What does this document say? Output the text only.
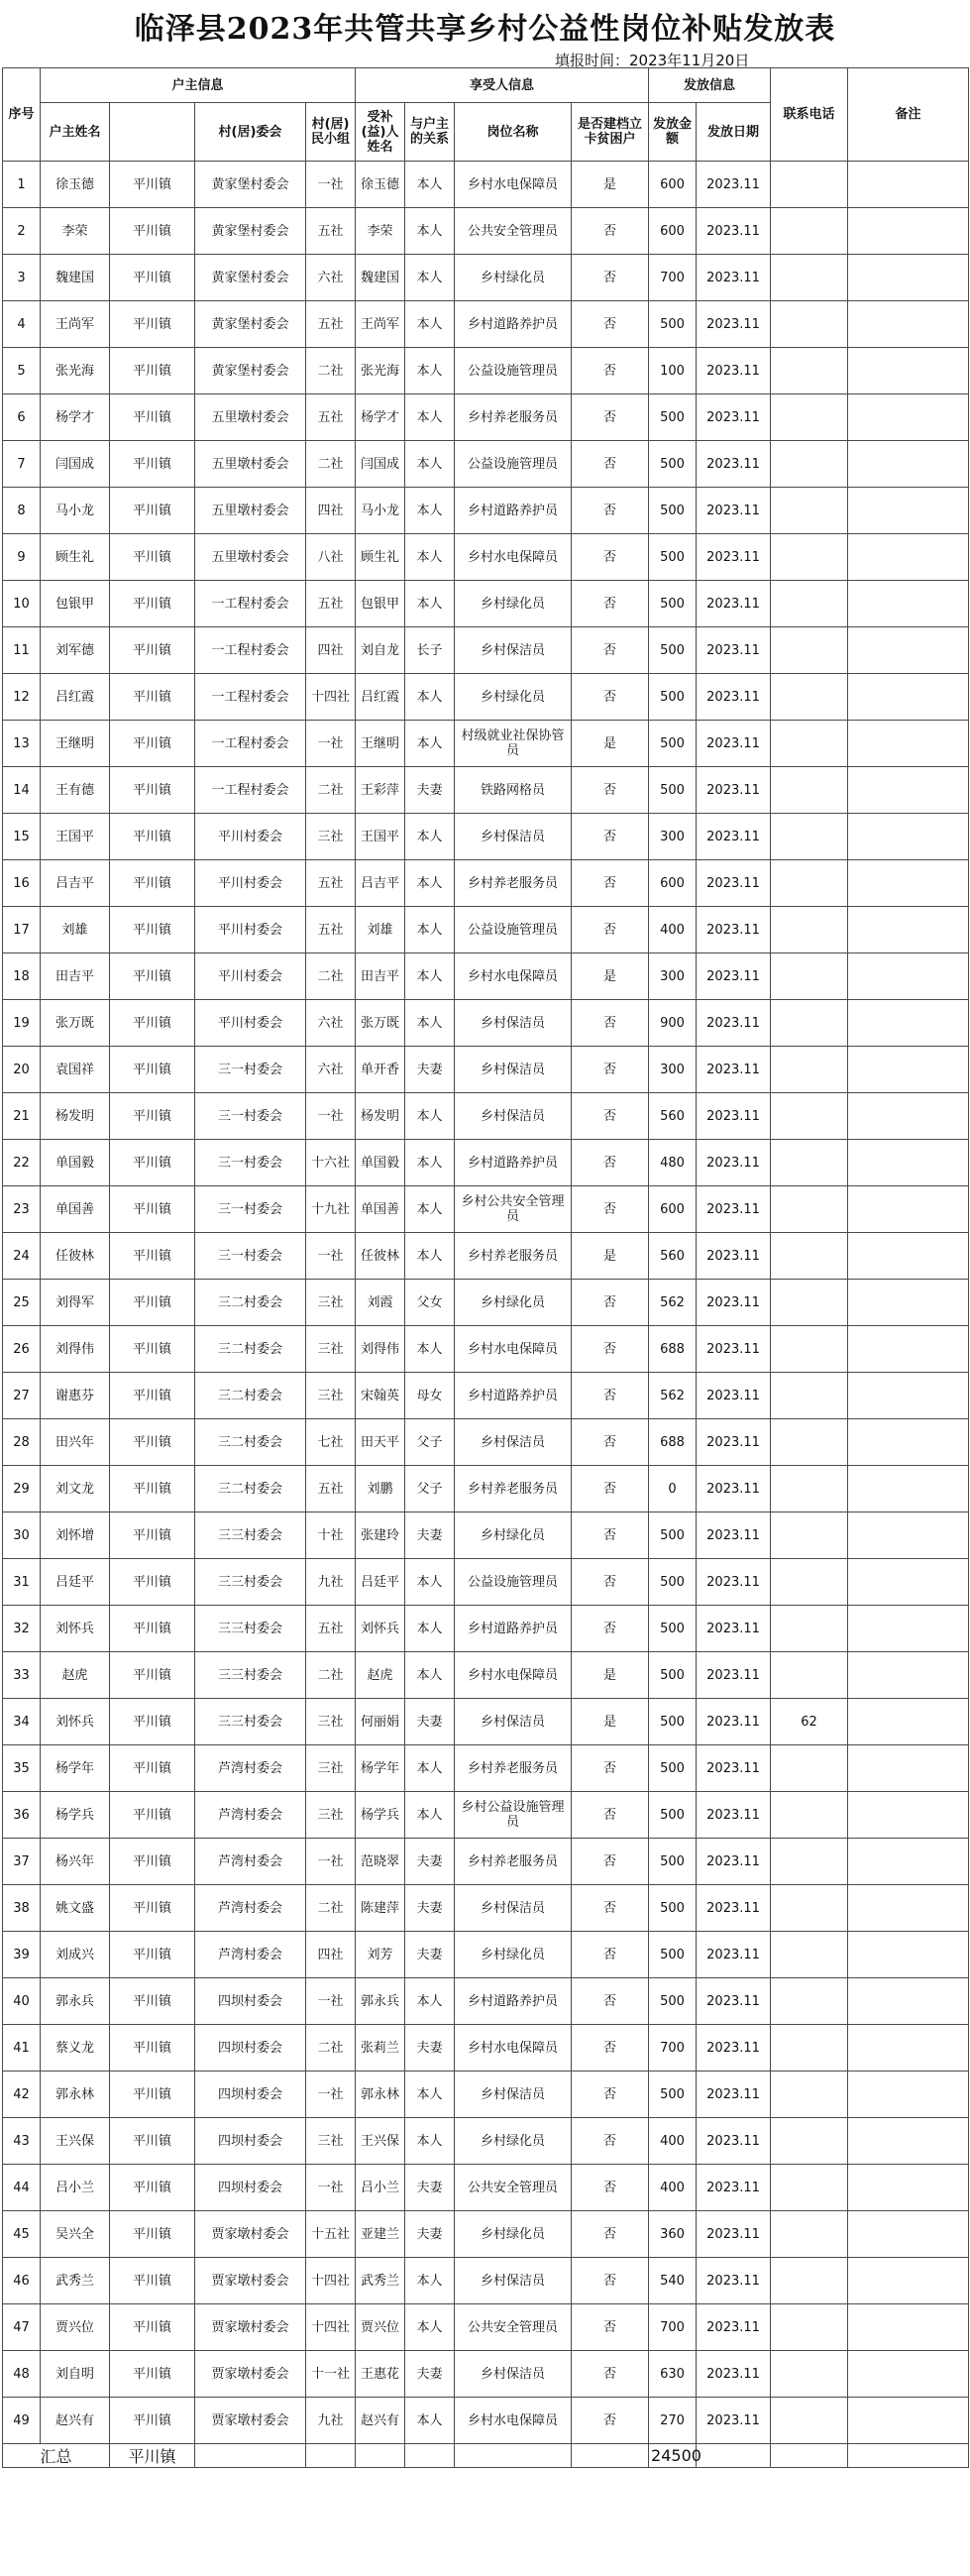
临泽县2023年共管共享乡村公益性岗位补贴发放表
填报时间：2023年11月20日
序号	户主信息				享受人信息				发放信息		联系电话	备注
	户主姓名		村(居)委会	村(居)民小组	受补(益)人姓名	与户主的关系	岗位名称	是否建档立卡贫困户	发放金额	发放日期		
1	徐玉德	平川镇	黄家堡村委会	一社	徐玉德	本人	乡村水电保障员	是	600	2023.11		
2	李荣	平川镇	黄家堡村委会	五社	李荣	本人	公共安全管理员	否	600	2023.11		
3	魏建国	平川镇	黄家堡村委会	六社	魏建国	本人	乡村绿化员	否	700	2023.11		
4	王尚军	平川镇	黄家堡村委会	五社	王尚军	本人	乡村道路养护员	否	500	2023.11		
5	张光海	平川镇	黄家堡村委会	二社	张光海	本人	公益设施管理员	否	100	2023.11		
6	杨学才	平川镇	五里墩村委会	五社	杨学才	本人	乡村养老服务员	否	500	2023.11		
7	闫国成	平川镇	五里墩村委会	二社	闫国成	本人	公益设施管理员	否	500	2023.11		
8	马小龙	平川镇	五里墩村委会	四社	马小龙	本人	乡村道路养护员	否	500	2023.11		
9	顾生礼	平川镇	五里墩村委会	八社	顾生礼	本人	乡村水电保障员	否	500	2023.11		
10	包银甲	平川镇	一工程村委会	五社	包银甲	本人	乡村绿化员	否	500	2023.11		
11	刘军德	平川镇	一工程村委会	四社	刘自龙	长子	乡村保洁员	否	500	2023.11		
12	吕红霞	平川镇	一工程村委会	十四社	吕红霞	本人	乡村绿化员	否	500	2023.11		
13	王继明	平川镇	一工程村委会	一社	王继明	本人	村级就业社保协管员	是	500	2023.11		
14	王有德	平川镇	一工程村委会	二社	王彩萍	夫妻	铁路网格员	否	500	2023.11		
15	王国平	平川镇	平川村委会	三社	王国平	本人	乡村保洁员	否	300	2023.11		
16	吕吉平	平川镇	平川村委会	五社	吕吉平	本人	乡村养老服务员	否	600	2023.11		
17	刘雄	平川镇	平川村委会	五社	刘雄	本人	公益设施管理员	否	400	2023.11		
18	田吉平	平川镇	平川村委会	二社	田吉平	本人	乡村水电保障员	是	300	2023.11		
19	张万既	平川镇	平川村委会	六社	张万既	本人	乡村保洁员	否	900	2023.11		
20	袁国祥	平川镇	三一村委会	六社	单开香	夫妻	乡村保洁员	否	300	2023.11		
21	杨发明	平川镇	三一村委会	一社	杨发明	本人	乡村保洁员	否	560	2023.11		
22	单国毅	平川镇	三一村委会	十六社	单国毅	本人	乡村道路养护员	否	480	2023.11		
23	单国善	平川镇	三一村委会	十九社	单国善	本人	乡村公共安全管理员	否	600	2023.11		
24	任彼林	平川镇	三一村委会	一社	任彼林	本人	乡村养老服务员	是	560	2023.11		
25	刘得军	平川镇	三二村委会	三社	刘霞	父女	乡村绿化员	否	562	2023.11		
26	刘得伟	平川镇	三二村委会	三社	刘得伟	本人	乡村水电保障员	否	688	2023.11		
27	谢惠芬	平川镇	三二村委会	三社	宋翰英	母女	乡村道路养护员	否	562	2023.11		
28	田兴年	平川镇	三二村委会	七社	田天平	父子	乡村保洁员	否	688	2023.11		
29	刘文龙	平川镇	三二村委会	五社	刘鹏	父子	乡村养老服务员	否	0	2023.11		
30	刘怀增	平川镇	三三村委会	十社	张建玲	夫妻	乡村绿化员	否	500	2023.11		
31	吕廷平	平川镇	三三村委会	九社	吕廷平	本人	公益设施管理员	否	500	2023.11		
32	刘怀兵	平川镇	三三村委会	五社	刘怀兵	本人	乡村道路养护员	否	500	2023.11		
33	赵虎	平川镇	三三村委会	二社	赵虎	本人	乡村水电保障员	是	500	2023.11		
34	刘怀兵	平川镇	三三村委会	三社	何丽娟	夫妻	乡村保洁员	是	500	2023.11	62	
35	杨学年	平川镇	芦湾村委会	三社	杨学年	本人	乡村养老服务员	否	500	2023.11		
36	杨学兵	平川镇	芦湾村委会	三社	杨学兵	本人	乡村公益设施管理员	否	500	2023.11		
37	杨兴年	平川镇	芦湾村委会	一社	范晓翠	夫妻	乡村养老服务员	否	500	2023.11		
38	姚文盛	平川镇	芦湾村委会	二社	陈建萍	夫妻	乡村保洁员	否	500	2023.11		
39	刘成兴	平川镇	芦湾村委会	四社	刘芳	夫妻	乡村绿化员	否	500	2023.11		
40	郭永兵	平川镇	四坝村委会	一社	郭永兵	本人	乡村道路养护员	否	500	2023.11		
41	蔡义龙	平川镇	四坝村委会	二社	张莉兰	夫妻	乡村水电保障员	否	700	2023.11		
42	郭永林	平川镇	四坝村委会	一社	郭永林	本人	乡村保洁员	否	500	2023.11		
43	王兴保	平川镇	四坝村委会	三社	王兴保	本人	乡村绿化员	否	400	2023.11		
44	吕小兰	平川镇	四坝村委会	一社	吕小兰	夫妻	公共安全管理员	否	400	2023.11		
45	吴兴全	平川镇	贾家墩村委会	十五社	亚建兰	夫妻	乡村绿化员	否	360	2023.11		
46	武秀兰	平川镇	贾家墩村委会	十四社	武秀兰	本人	乡村保洁员	否	540	2023.11		
47	贾兴位	平川镇	贾家墩村委会	十四社	贾兴位	本人	公共安全管理员	否	700	2023.11		
48	刘自明	平川镇	贾家墩村委会	十一社	王惠花	夫妻	乡村保洁员	否	630	2023.11		
49	赵兴有	平川镇	贾家墩村委会	九社	赵兴有	本人	乡村水电保障员	否	270	2023.11		
汇总		平川镇							24500			
